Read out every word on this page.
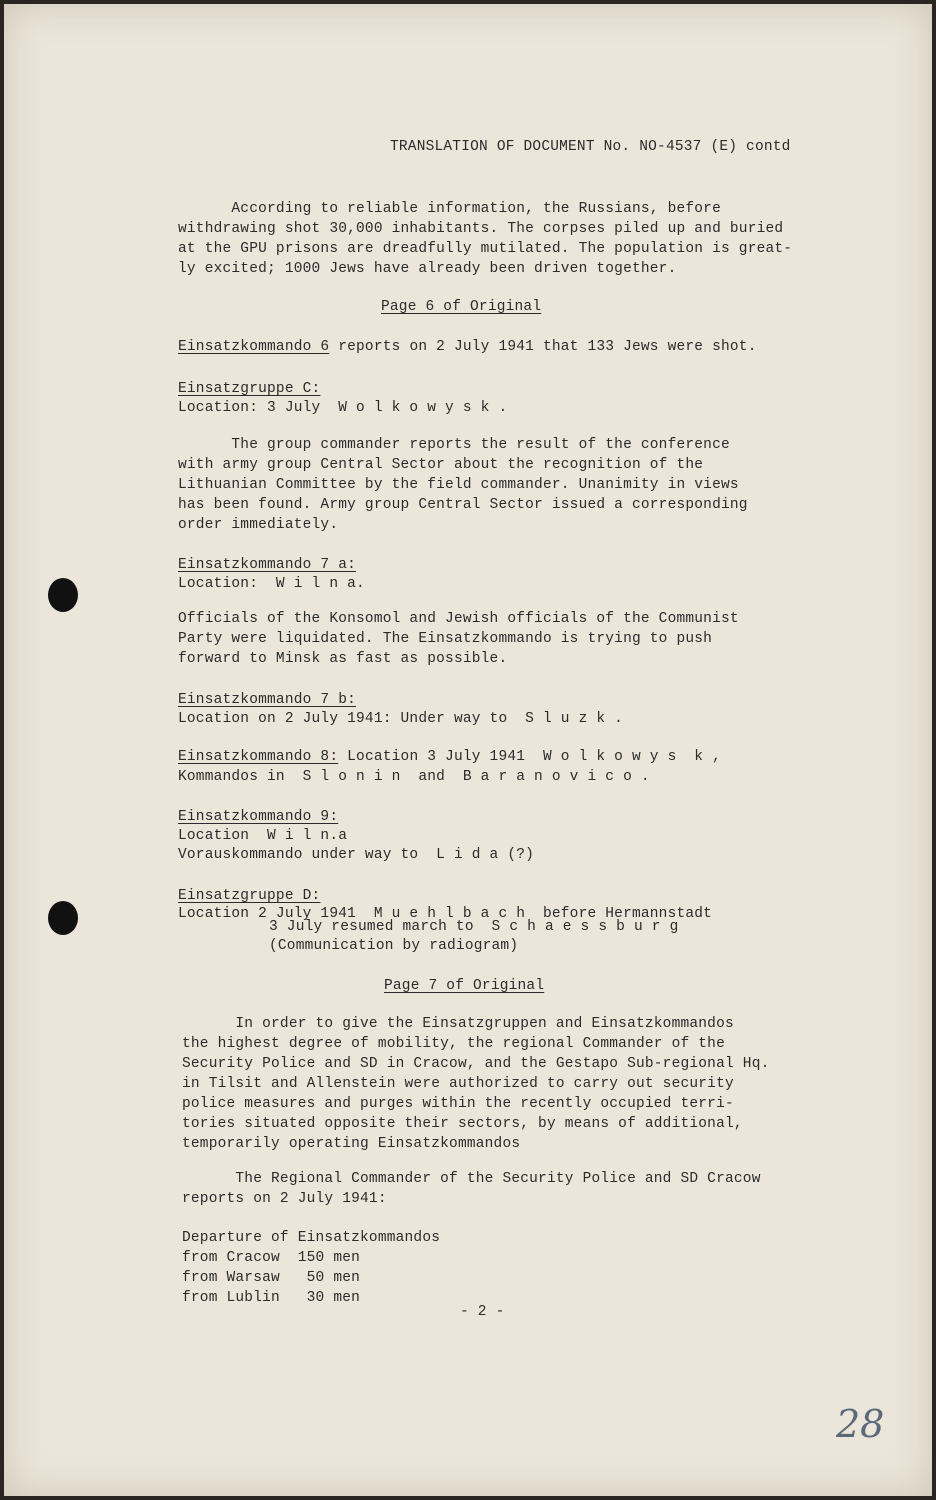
TRANSLATION OF DOCUMENT No. NO-4537 (E) contd
According to reliable information, the Russians, before
withdrawing shot 30,000 inhabitants. The corpses piled up and buried
at the GPU prisons are dreadfully mutilated. The population is great-
ly excited; 1000 Jews have already been driven together.
Page 6 of Original
Einsatzkommando 6 reports on 2 July 1941 that 133 Jews were shot.
Einsatzgruppe C:
Location: 3 July  W o l k o w y s k .
The group commander reports the result of the conference
with army group Central Sector about the recognition of the
Lithuanian Committee by the field commander. Unanimity in views
has been found. Army group Central Sector issued a corresponding
order immediately.
Einsatzkommando 7 a:
Location:  W i l n a.
Officials of the Konsomol and Jewish officials of the Communist
Party were liquidated. The Einsatzkommando is trying to push
forward to Minsk as fast as possible.
Einsatzkommando 7 b:
Location on 2 July 1941: Under way to  S l u z k .
Einsatzkommando 8: Location 3 July 1941  W o l k o w y s  k ,
Kommandos in  S l o n i n  and  B a r a n o v i c o .
Einsatzkommando 9:
Location  W i l n.a
Vorauskommando under way to  L i d a (?)
Einsatzgruppe D:
Location 2 July 1941  M u e h l b a c h  before Hermannstadt
3 July resumed march to  S c h a e s s b u r g
(Communication by radiogram)
Page 7 of Original
In order to give the Einsatzgruppen and Einsatzkommandos
the highest degree of mobility, the regional Commander of the
Security Police and SD in Cracow, and the Gestapo Sub-regional Hq.
in Tilsit and Allenstein were authorized to carry out security
police measures and purges within the recently occupied terri-
tories situated opposite their sectors, by means of additional,
temporarily operating Einsatzkommandos
The Regional Commander of the Security Police and SD Cracow
reports on 2 July 1941:
Departure of Einsatzkommandos
from Cracow 150 men
from Warsaw   50 men
from Lublin   30 men
- 2 -
28
